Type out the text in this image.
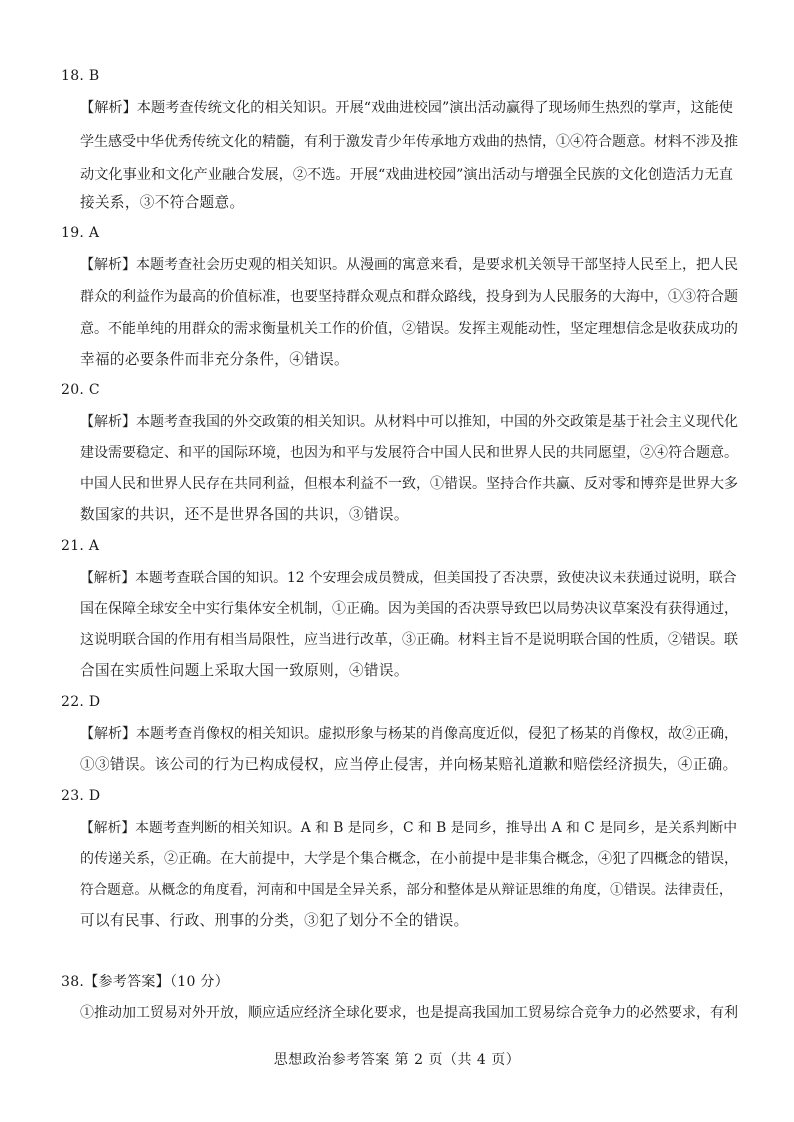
18. B
【解析】本题考查传统文化的相关知识。开展“戏曲进校园”演出活动赢得了现场师生热烈的掌声，这能使
学生感受中华优秀传统文化的精髓，有利于激发青少年传承地方戏曲的热情，①④符合题意。材料不涉及推
动文化事业和文化产业融合发展，②不选。开展“戏曲进校园”演出活动与增强全民族的文化创造活力无直
接关系，③不符合题意。
19. A
【解析】本题考查社会历史观的相关知识。从漫画的寓意来看，是要求机关领导干部坚持人民至上，把人民
群众的利益作为最高的价值标准，也要坚持群众观点和群众路线，投身到为人民服务的大海中，①③符合题
意。不能单纯的用群众的需求衡量机关工作的价值，②错误。发挥主观能动性，坚定理想信念是收获成功的
幸福的必要条件而非充分条件，④错误。
20. C
【解析】本题考查我国的外交政策的相关知识。从材料中可以推知，中国的外交政策是基于社会主义现代化
建设需要稳定、和平的国际环境，也因为和平与发展符合中国人民和世界人民的共同愿望，②④符合题意。
中国人民和世界人民存在共同利益，但根本利益不一致，①错误。坚持合作共赢、反对零和博弈是世界大多
数国家的共识，还不是世界各国的共识，③错误。
21. A
【解析】本题考查联合国的知识。12 个安理会成员赞成，但美国投了否决票，致使决议未获通过说明，联合
国在保障全球安全中实行集体安全机制，①正确。因为美国的否决票导致巴以局势决议草案没有获得通过，
这说明联合国的作用有相当局限性，应当进行改革，③正确。材料主旨不是说明联合国的性质，②错误。联
合国在实质性问题上采取大国一致原则，④错误。
22. D
【解析】本题考查肖像权的相关知识。虚拟形象与杨某的肖像高度近似，侵犯了杨某的肖像权，故②正确，
①③错误。该公司的行为已构成侵权，应当停止侵害，并向杨某赔礼道歉和赔偿经济损失，④正确。
23. D
【解析】本题考查判断的相关知识。A 和 B 是同乡，C 和 B 是同乡，推导出 A 和 C 是同乡，是关系判断中
的传递关系，②正确。在大前提中，大学是个集合概念，在小前提中是非集合概念，④犯了四概念的错误，
符合题意。从概念的角度看，河南和中国是全异关系，部分和整体是从辩证思维的角度，①错误。法律责任，
可以有民事、行政、刑事的分类，③犯了划分不全的错误。
38.【参考答案】（10 分）
①推动加工贸易对外开放，顺应适应经济全球化要求，也是提高我国加工贸易综合竞争力的必然要求，有利
思想政治参考答案 第 2 页（共 4 页）
